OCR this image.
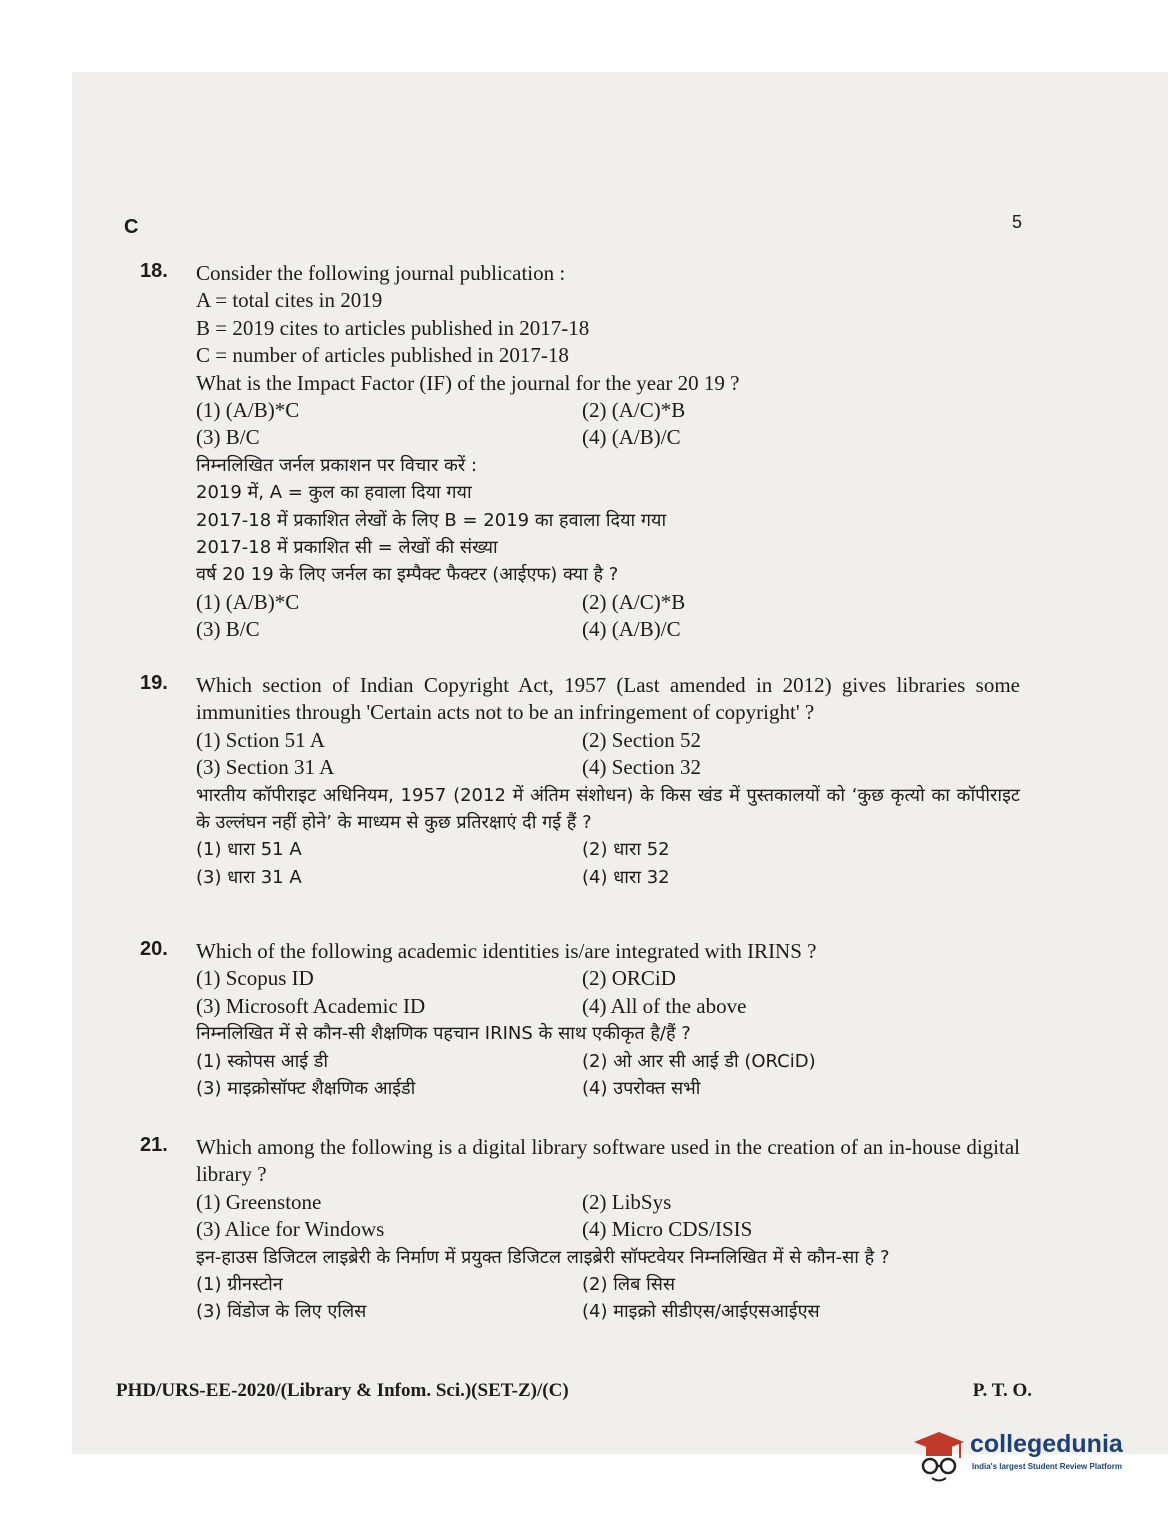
C	5
18. Consider the following journal publication :
A = total cites in 2019
B = 2019 cites to articles published in 2017-18
C = number of articles published in 2017-18
What is the Impact Factor (IF) of the journal for the year 20 19 ?
(1) (A/B)*C	(2) (A/C)*B
(3) B/C	(4) (A/B)/C
निम्नलिखित जर्नल प्रकाशन पर विचार करें :
2019 में, A = कुल का हवाला दिया गया
2017-18 में प्रकाशित लेखों के लिए B = 2019 का हवाला दिया गया
2017-18 में प्रकाशित सी = लेखों की संख्या
वर्ष 20 19 के लिए जर्नल का इम्पैक्ट फैक्टर (आईएफ) क्या है ?
(1) (A/B)*C	(2) (A/C)*B
(3) B/C	(4) (A/B)/C
19. Which section of Indian Copyright Act, 1957 (Last amended in 2012) gives libraries some immunities through 'Certain acts not to be an infringement of copyright' ?
(1) Sction 51 A	(2) Section 52
(3) Section 31 A	(4) Section 32
भारतीय कॉपीराइट अधिनियम, 1957 (2012 में अंतिम संशोधन) के किस खंड में पुस्तकालयों को ‘कुछ कृत्यो का कॉपीराइट के उल्लंघन नहीं होने’ के माध्यम से कुछ प्रतिरक्षाएं दी गई हैं ?
(1) धारा 51 A	(2) धारा 52
(3) धारा 31 A	(4) धारा 32
20. Which of the following academic identities is/are integrated with IRINS ?
(1) Scopus ID	(2) ORCiD
(3) Microsoft Academic ID	(4) All of the above
निम्नलिखित में से कौन-सी शैक्षणिक पहचान IRINS के साथ एकीकृत है/हैं ?
(1) स्कोपस आई डी	(2) ओ आर सी आई डी (ORCiD)
(3) माइक्रोसॉफ्ट शैक्षणिक आईडी	(4) उपरोक्त सभी
21. Which among the following is a digital library software used in the creation of an in-house digital library ?
(1) Greenstone	(2) LibSys
(3) Alice for Windows	(4) Micro CDS/ISIS
इन-हाउस डिजिटल लाइब्रेरी के निर्माण में प्रयुक्त डिजिटल लाइब्रेरी सॉफ्टवेयर निम्नलिखित में से कौन-सा है ?
(1) ग्रीनस्टोन	(2) लिब सिस
(3) विंडोज के लिए एलिस	(4) माइक्रो सीडीएस/आईएसआईएस
PHD/URS-EE-2020/(Library & Infom. Sci.)(SET-Z)/(C)	P. T. O.
collegedunia
India's largest Student Review Platform
